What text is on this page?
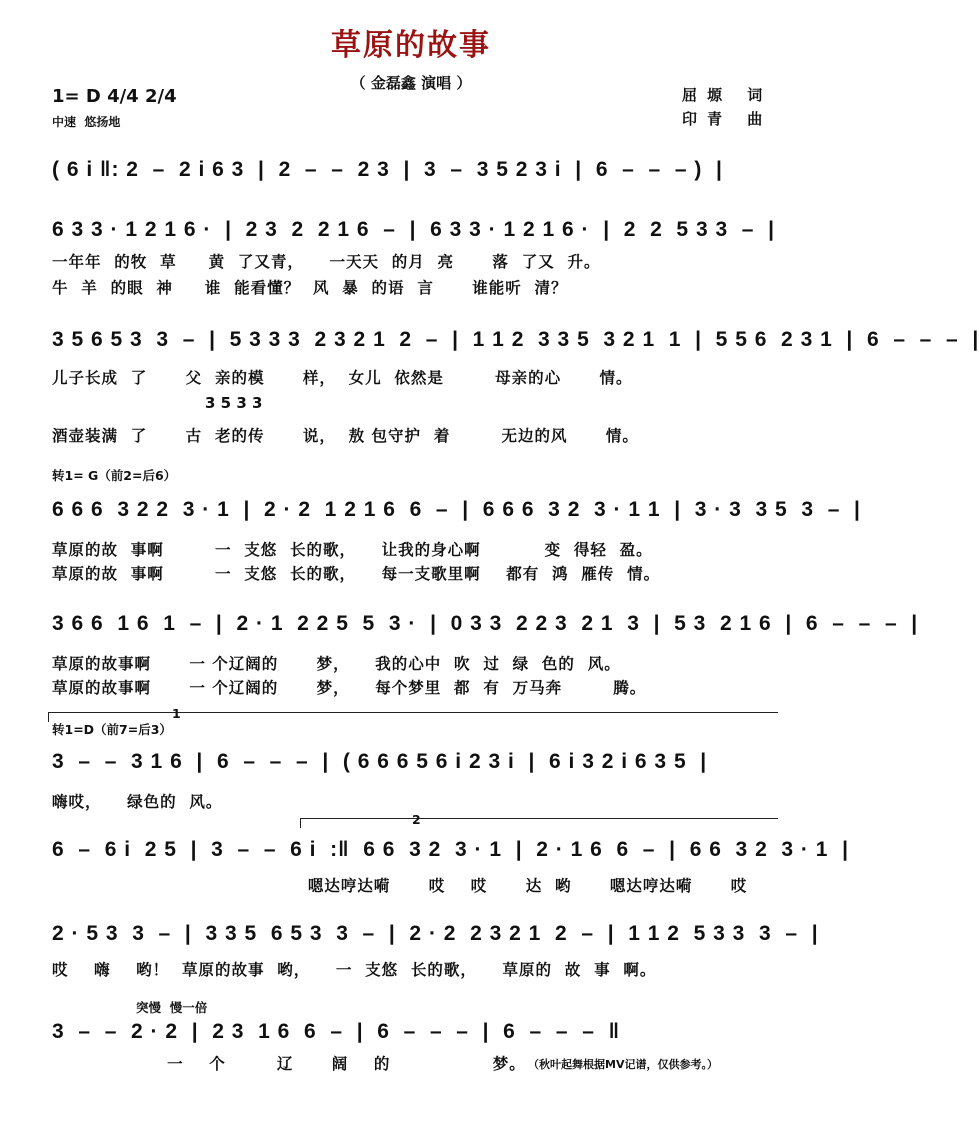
草原的故事
（ 金磊鑫 演唱 ）
1= D 4/4 2/4
中速  悠扬地
屈塬 词
印青 曲
( 6 i ‖: 2  –  2 i 6 3  |  2  –  –  2 3  |  3  –  3 5 2 3 i  |  6  –  –  – )  |
6 3 3 · 1 2 1 6 ·  |  2 3  2  2 1 6  –  |  6 3 3 · 1 2 1 6 ·  |  2  2  5 3 3  –  |
一年年  的牧  草     黄  了又青，    一天天  的月  亮      落  了又  升。
牛  羊  的眼  神     谁  能看懂？  风  暴  的语  言      谁能听  清？
3 5 6 5 3  3  –  |  5 3 3 3  2 3 2 1  2  –  |  1 1 2  3 3 5  3 2 1  1  |  5 5 6  2 3 1  |  6  –  –  –  |
儿子长成  了      父  亲的模      样，  女儿  依然是        母亲的心      情。
3 5 3 3
酒壶装满  了      古  老的传      说，  敖 包守护  着        无边的风      情。
转1= G（前2=后6）
6 6 6  3 2 2  3 · 1  |  2 · 2  1 2 1 6  6  –  |  6 6 6  3 2  3 · 1 1  |  3 · 3  3 5  3  –  |
草原的故  事啊        一  支悠  长的歌，    让我的身心啊          变  得轻  盈。
草原的故  事啊        一  支悠  长的歌，    每一支歌里啊    都有  鸿  雁传  情。
3 6 6  1 6  1  –  |  2 · 1  2 2 5  5  3 ·  |  0 3 3  2 2 3  2 1  3  |  5 3  2 1 6  |  6  –  –  –  |
草原的故事啊      一 个辽阔的      梦，    我的心中  吹  过  绿  色的  风。
草原的故事啊      一 个辽阔的      梦，    每个梦里  都  有  万马奔        腾。
1
转1=D（前7=后3）
3  –  –  3 1 6  |  6  –  –  –  |  ( 6 6 6 5 6 i 2 3 i  |  6 i 3 2 i 6 3 5  |
嗨哎，    绿色的  风。
2
6  –  6 i  2 5  |  3  –  –  6 i  :‖  6 6  3 2  3 · 1  |  2 · 1 6  6  –  |  6 6  3 2  3 · 1  |
嗯达哼达嗬      哎    哎      达  哟      嗯达哼达嗬      哎
2 · 5 3  3  –  |  3 3 5  6 5 3  3  –  |  2 · 2  2 3 2 1  2  –  |  1 1 2  5 3 3  3  –  |
哎    嗨    哟！  草原的故事  哟，    一  支悠  长的歌，    草原的  故  事  啊。
突慢  慢一倍
3  –  –  2 · 2  |  2 3  1 6  6  –  |  6  –  –  –  |  6  –  –  –  ‖
一    个        辽      阔    的                梦。 （秋叶起舞根据MV记谱，仅供参考。）
